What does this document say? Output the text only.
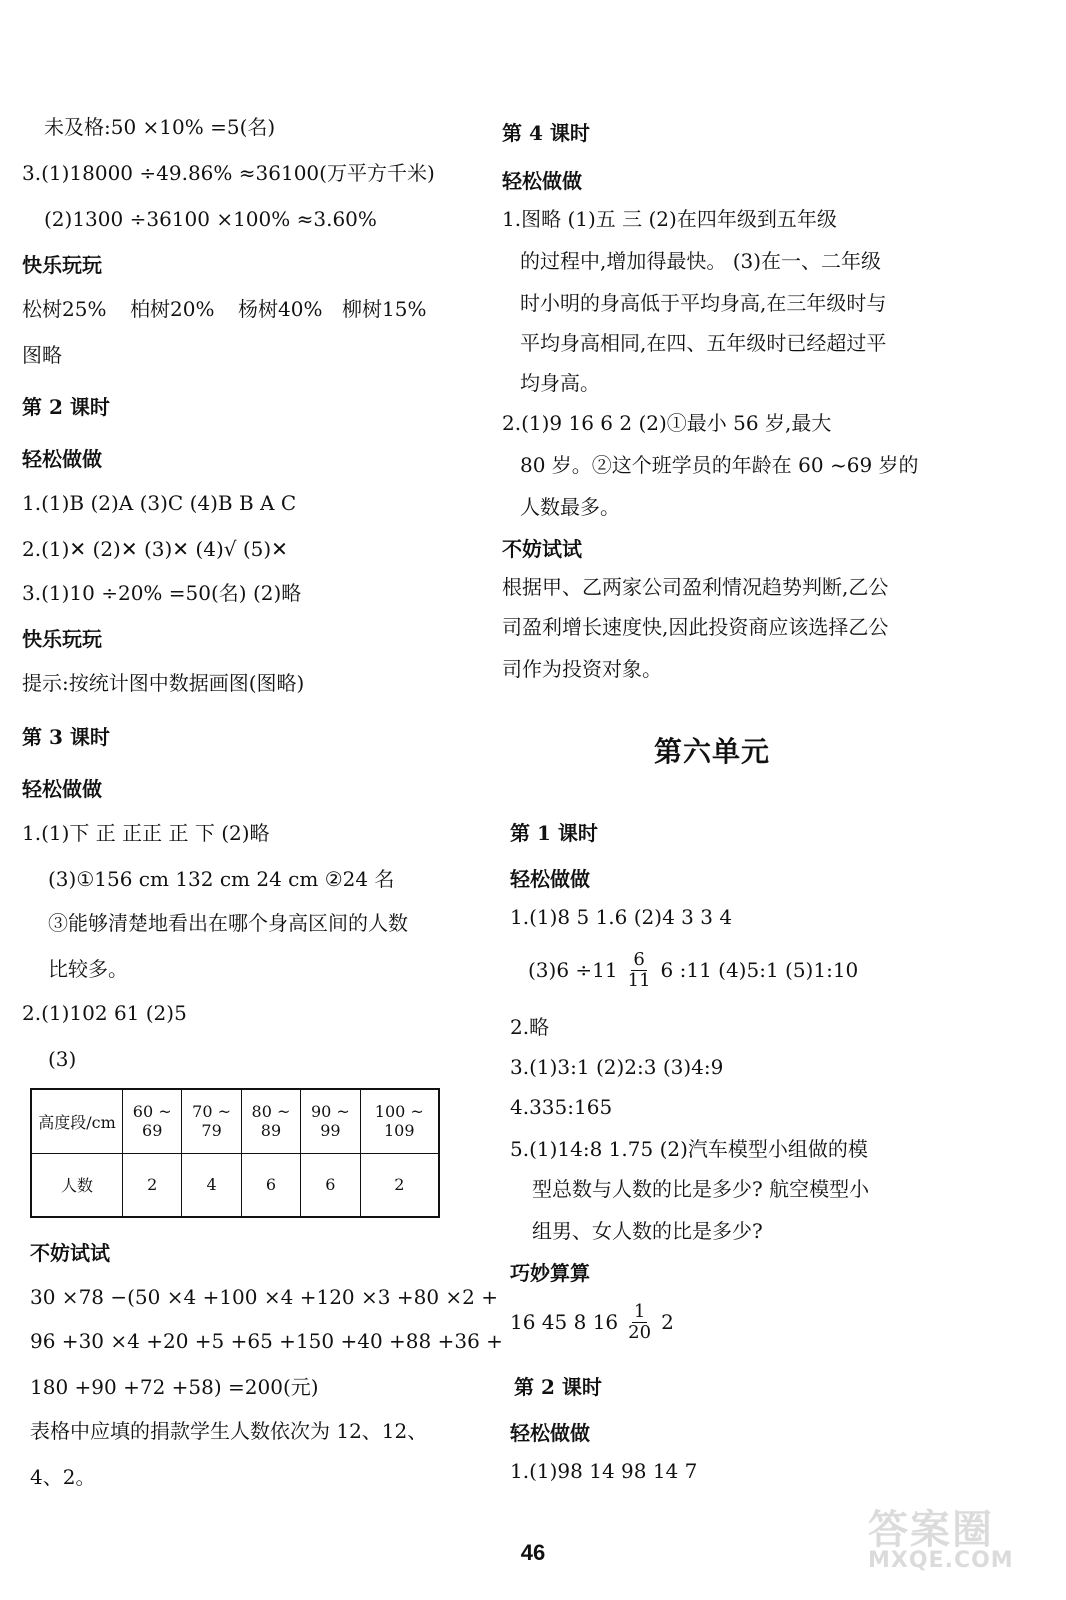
未及格:50 ×10% =5(名)
3.(1)18000 ÷49.86% ≈36100(万平方千米)
(2)1300 ÷36100 ×100% ≈3.60%
快乐玩玩
松树25% 柏树20% 杨树40% 柳树15%
图略
第 2 课时
轻松做做
1.(1)B (2)A (3)C (4)B B A C
2.(1)✕ (2)✕ (3)✕ (4)√ (5)✕
3.(1)10 ÷20% =50(名) (2)略
快乐玩玩
提示:按统计图中数据画图(图略)
第 3 课时
轻松做做
1.(1)下 正 正正 正 下 (2)略
(3)①156 cm 132 cm 24 cm ②24 名
③能够清楚地看出在哪个身高区间的人数
比较多。
2.(1)102 61 (2)5
(3)
高度段/cm	60 ~ 69	70 ~ 79	80 ~ 89	90 ~ 99	100 ~ 109
人数	2	4	6	6	2
不妨试试
30 ×78 −(50 ×4 +100 ×4 +120 ×3 +80 ×2 +
96 +30 ×4 +20 +5 +65 +150 +40 +88 +36 +
180 +90 +72 +58) =200(元)
表格中应填的捐款学生人数依次为 12、12、
4、2。
第 4 课时
轻松做做
1.图略 (1)五 三 (2)在四年级到五年级
的过程中,增加得最快。 (3)在一、二年级
时小明的身高低于平均身高,在三年级时与
平均身高相同,在四、五年级时已经超过平
均身高。
2.(1)9 16 6 2 (2)①最小 56 岁,最大
80 岁。②这个班学员的年龄在 60 ~69 岁的
人数最多。
不妨试试
根据甲、乙两家公司盈利情况趋势判断,乙公
司盈利增长速度快,因此投资商应该选择乙公
司作为投资对象。
第六单元
第 1 课时
轻松做做
1.(1)8 5 1.6 (2)4 3 3 4
$(3)6 \div 11 \frac{6}{11} 6$ :11 (4)5:1 (5)1:10
2.略
3.(1)3:1 (2)2:3 (3)4:9
4.335:165
5.(1)14:8 1.75 (2)汽车模型小组做的模
型总数与人数的比是多少? 航空模型小
组男、女人数的比是多少?
巧妙算算
16 45 8 $16 \frac{1}{20} 2$
第 2 课时
轻松做做
1.(1)98 14 98 14 7
46	答案圈
MXQE.COM
